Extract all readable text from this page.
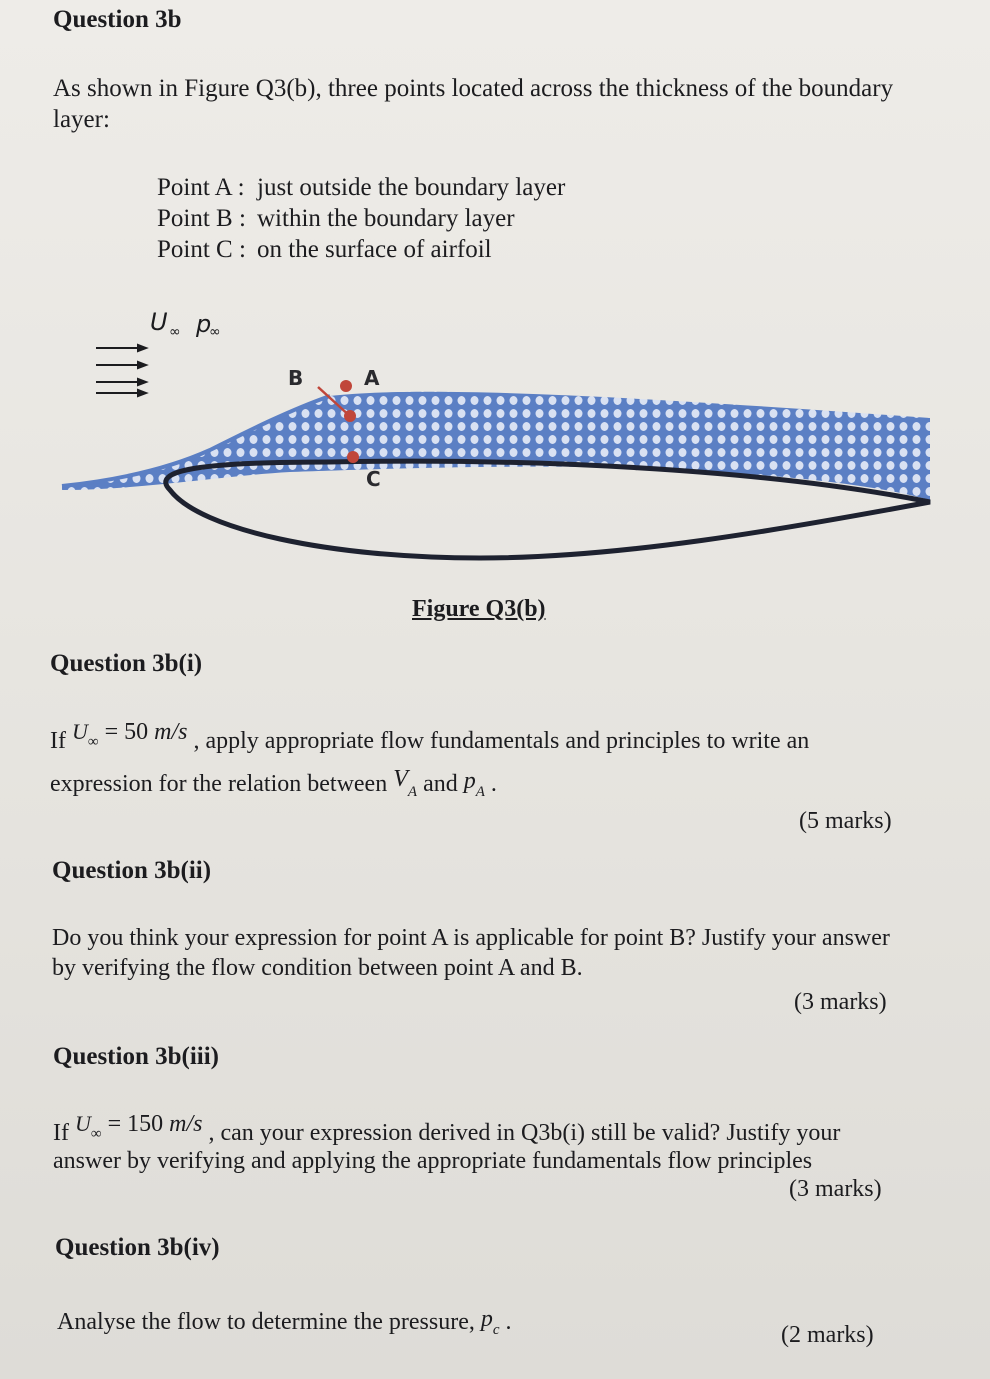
Question 3b
As shown in Figure Q3(b), three points located across the thickness of the boundary
layer:
Point A : just outside the boundary layer
Point B : within the boundary layer
Point C : on the surface of airfoil
U ∞ p
∞
B	A
C
Figure Q3(b)
Question 3b(i)
If U∞ = 50 m/s , apply appropriate flow fundamentals and principles to write an
expression for the relation between $V_A$ and $p_A$ .
(5 marks)
Question 3b(ii)
Do you think your expression for point A is applicable for point B? Justify your answer
by verifying the flow condition between point A and B.
(3 marks)
Question 3b(iii)
If U∞ = 150 m/s , can your expression derived in Q3b(i) still be valid? Justify your
answer by verifying and applying the appropriate fundamentals flow principles
(3 marks)
Question 3b(iv)
Analyse the flow to determine the pressure, $p_c$ .	(2 marks)
